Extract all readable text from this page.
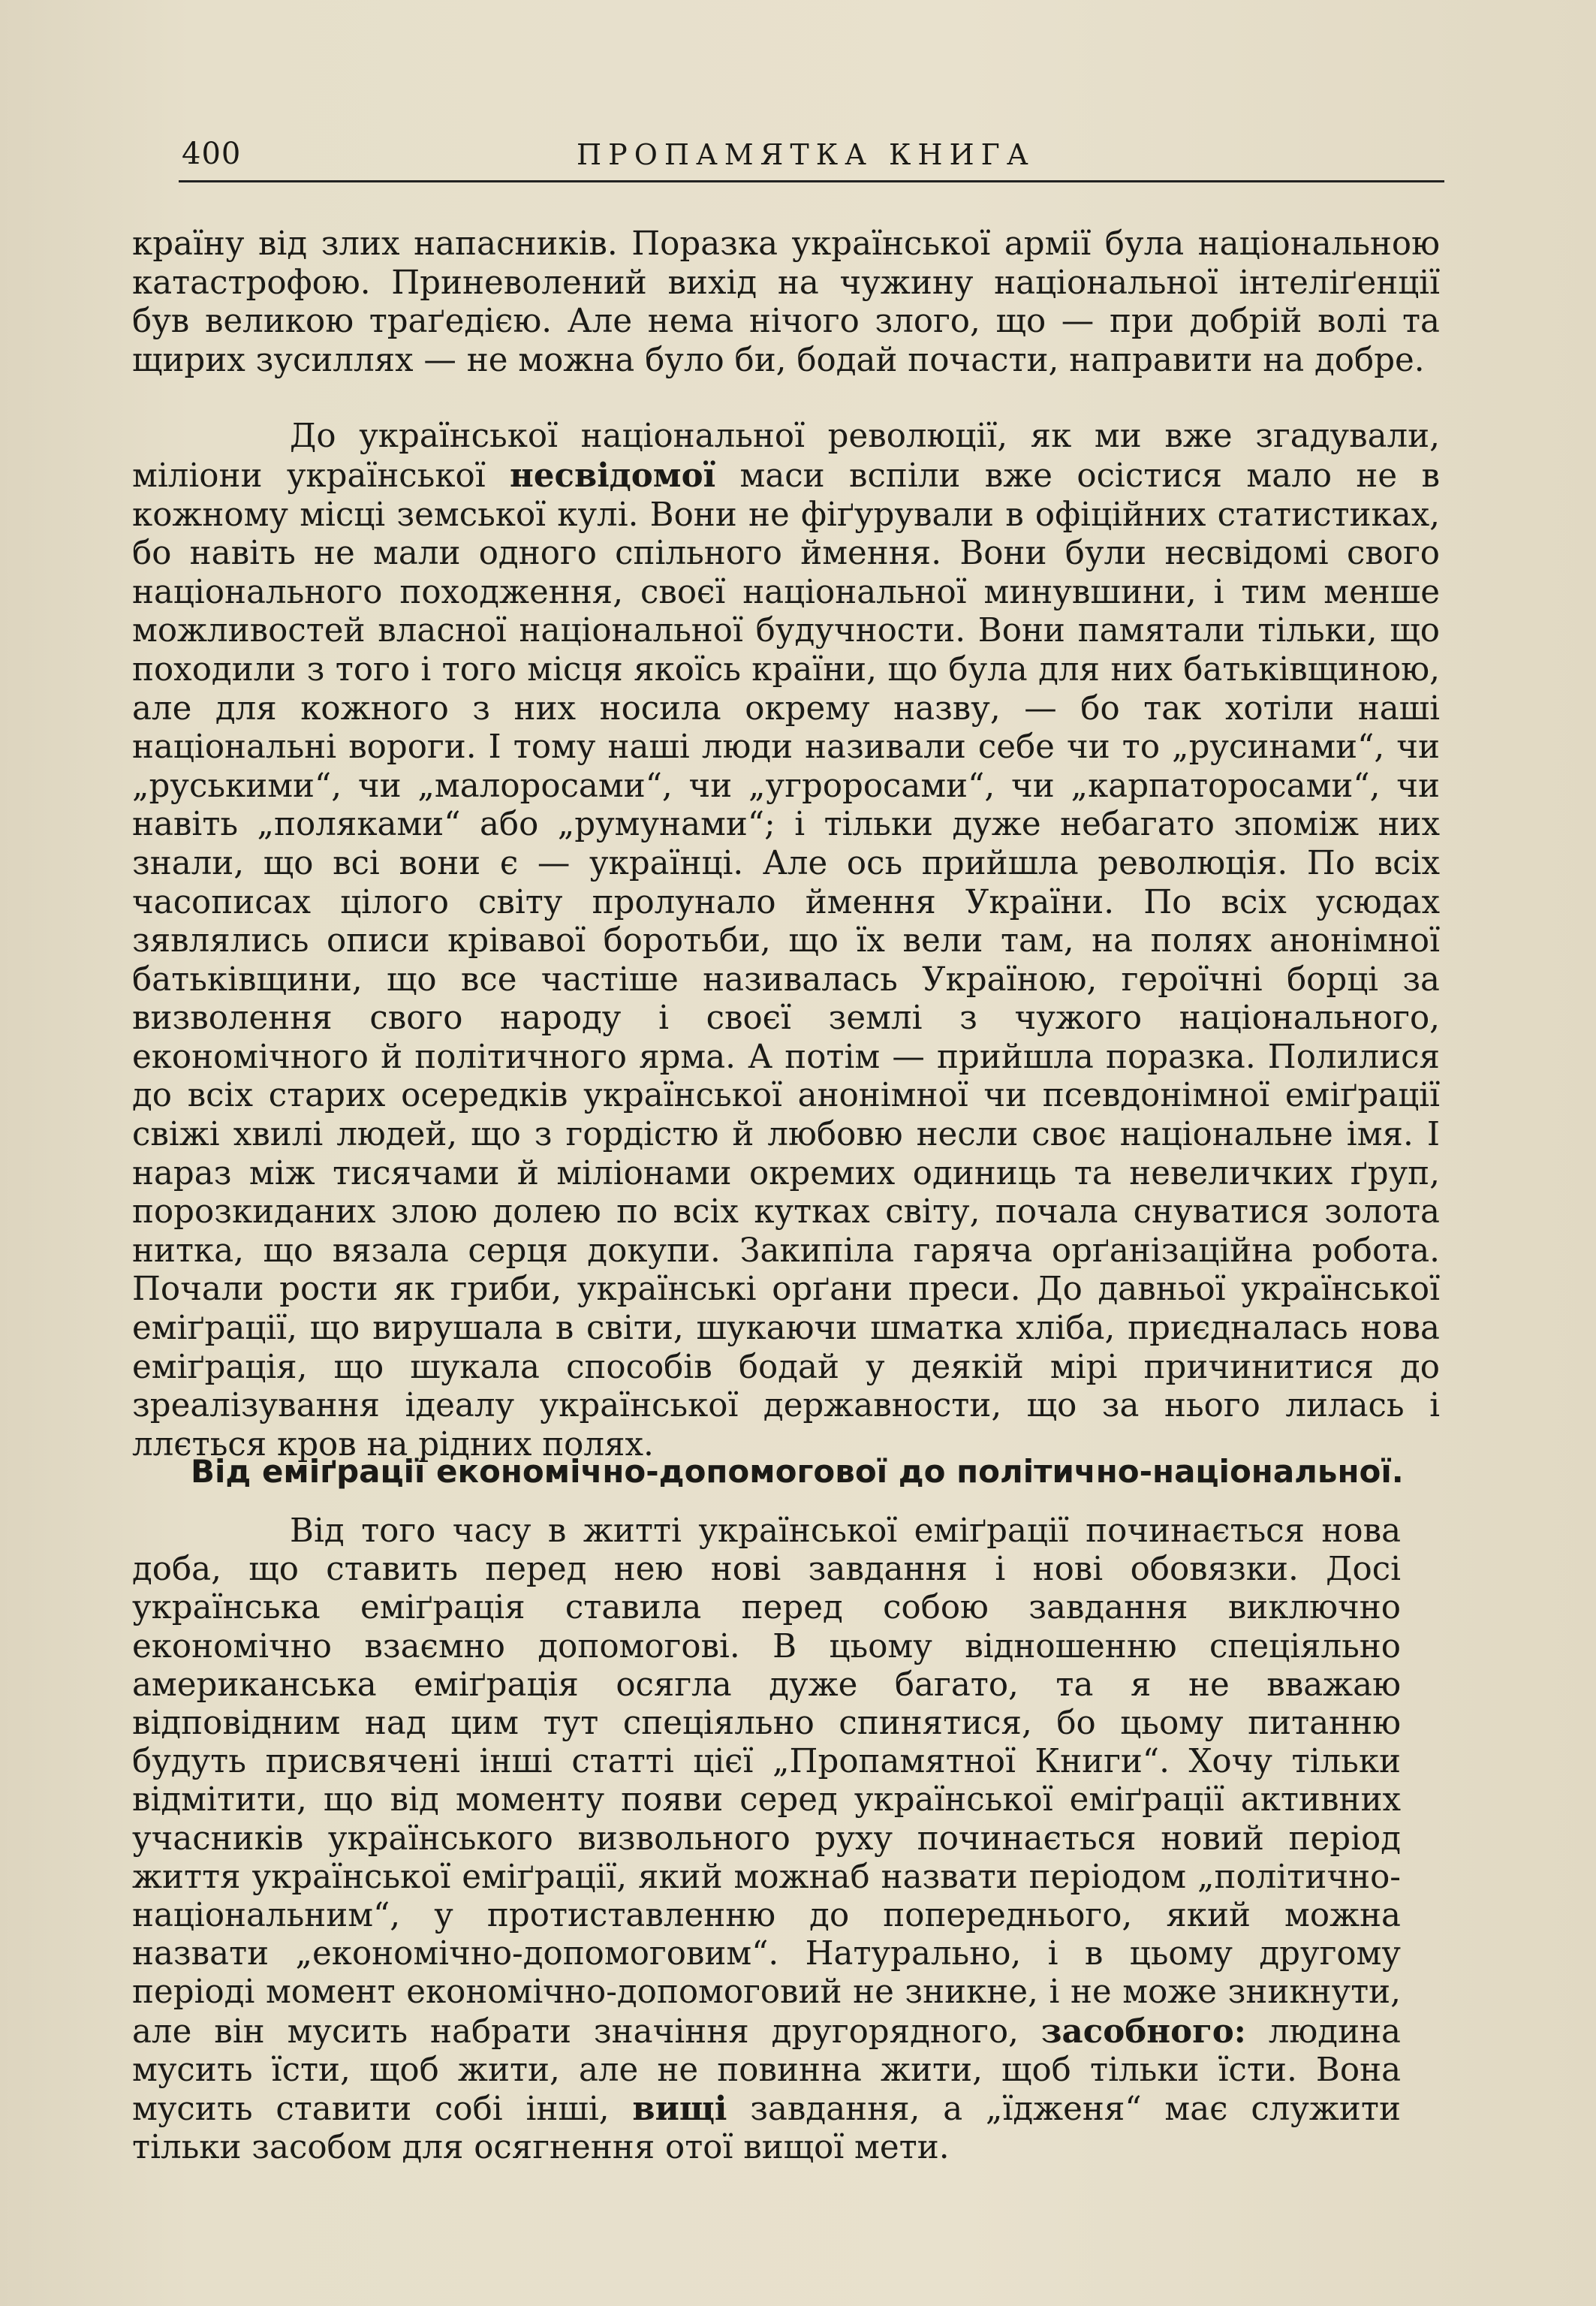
400	ПРОПАМЯТКА КНИГА

країну від злих напасників. Поразка української армії була національною катастрофою. Приневолений вихід на чужину національної інтеліґенції був великою траґедією. Але нема нічого злого, що — при добрій волі та щирих зусиллях — не можна було би, бодай почасти, направити на добре.

До української національної революції, як ми вже згадували, міліони української несвідомої маси вспіли вже осістися мало не в кожному місці земської кулі. Вони не фіґурували в офіційних статистиках, бо навіть не мали одного спільного ймення. Вони були несвідомі свого національного походження, своєї національної минувшини, і тим менше можливостей власної національної будучности. Вони памятали тільки, що походили з того і того місця якоїсь країни, що була для них батьківщиною, але для кожного з них носила окрему назву, — бо так хотіли наші національні вороги. І тому наші люди називали себе чи то „русинами“, чи „руськими“, чи „малоросами“, чи „угроросами“, чи „карпаторосами“, чи навіть „поляками“ або „румунами“; і тільки дуже небагато зпоміж них знали, що всі вони є — українці. Але ось прийшла революція. По всіх часописах цілого світу пролунало ймення України. По всіх усюдах зявлялись описи крівавої боротьби, що їх вели там, на полях анонімної батьківщини, що все частіше називалась Україною, героїчні борці за визволення свого народу і своєї землі з чужого національного, економічного й політичного ярма. А потім — прийшла поразка. Полилися до всіх старих осередків української анонімної чи псевдонімної еміґрації свіжі хвилі людей, що з гордістю й любовю несли своє національне імя. І нараз між тисячами й міліонами окремих одиниць та невеличких ґруп, порозкиданих злою долею по всіх кутках світу, почала снуватися золота нитка, що вязала серця докупи. Закипіла гаряча орґанізаційна робота. Почали рости як гриби, українські орґани преси. До давньої української еміґрації, що вирушала в світи, шукаючи шматка хліба, приєдналась нова еміґрація, що шукала способів бодай у деякій мірі причинитися до зреалізування ідеалу української державности, що за нього лилась і ллється кров на рідних полях.

Від еміґрації економічно-допомогової до політично-національної.

Від того часу в житті української еміґрації починається нова доба, що ставить перед нею нові завдання і нові обовязки. Досі українська еміґрація ставила перед собою завдання виключно економічно взаємно допомогові. В цьому відношенню спеціяльно американська еміґрація осягла дуже багато, та я не вважаю відповідним над цим тут спеціяльно спинятися, бо цьому питанню будуть присвячені інші статті цієї „Пропамятної Книги“. Хочу тільки відмітити, що від моменту появи серед української еміґрації активних учасників українського визвольного руху починається новий період життя української еміґрації, який можнаб назвати періодом „політично-національним“, у протиставленню до попереднього, який можна назвати „економічно-допомоговим“. Натурально, і в цьому другому періоді момент економічно-допомоговий не зникне, і не може зникнути, але він мусить набрати значіння другорядного, засобного: людина мусить їсти, щоб жити, але не повинна жити, щоб тільки їсти. Вона мусить ставити собі інші, вищі завдання, а „їдженя“ має служити тільки засобом для осягнення отої вищої мети.
